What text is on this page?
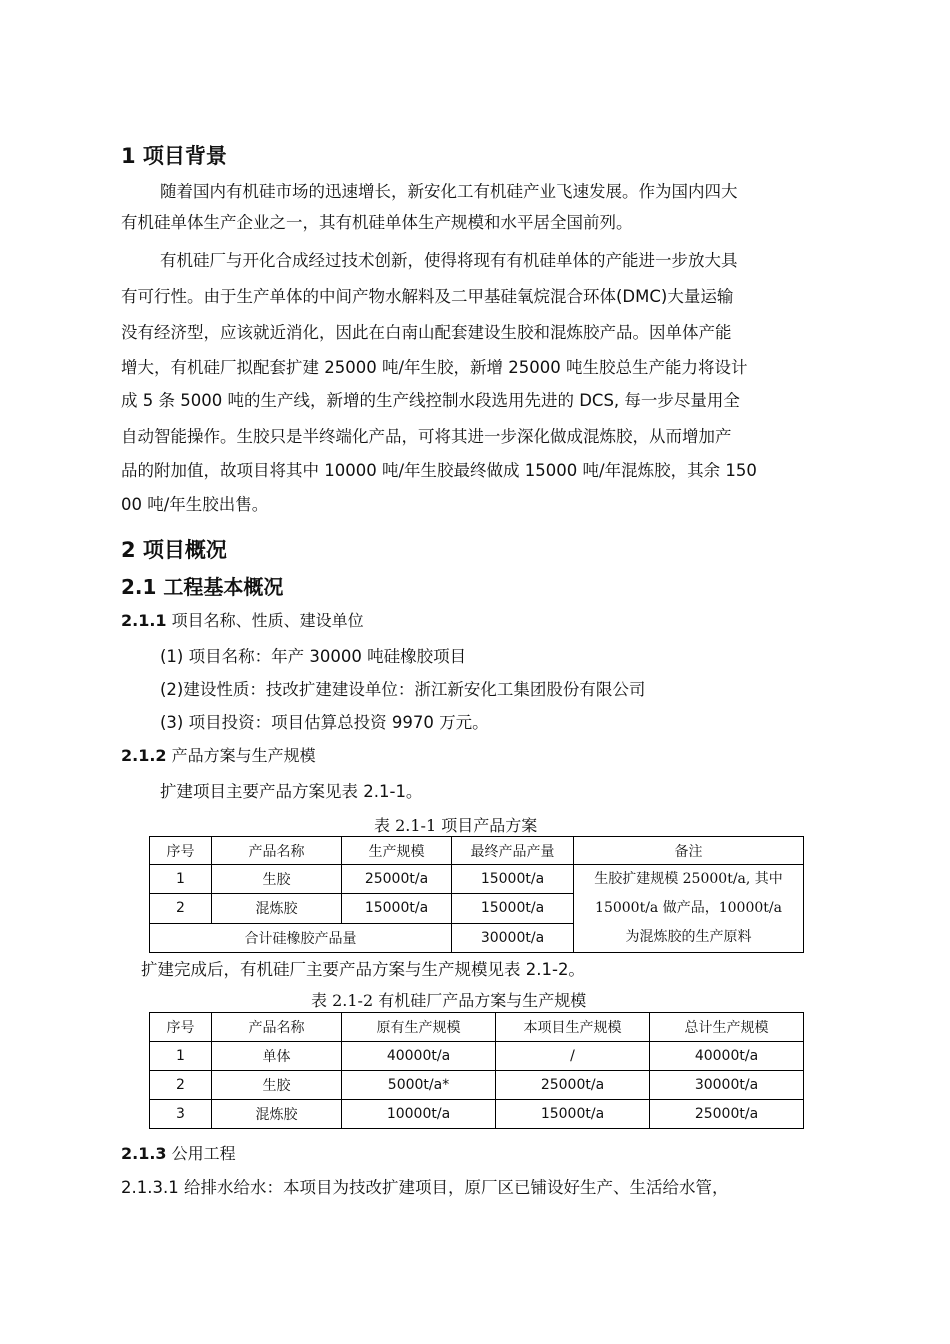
1 项目背景
随着国内有机硅市场的迅速增长，新安化工有机硅产业飞速发展。作为国内四大
有机硅单体生产企业之一，其有机硅单体生产规模和水平居全国前列。
有机硅厂与开化合成经过技术创新，使得将现有有机硅单体的产能进一步放大具
有可行性。由于生产单体的中间产物水解料及二甲基硅氧烷混合环体(DMC)大量运输
没有经济型，应该就近消化，因此在白南山配套建设生胶和混炼胶产品。因单体产能
增大，有机硅厂拟配套扩建 25000 吨/年生胶，新增 25000 吨生胶总生产能力将设计
成 5 条 5000 吨的生产线，新增的生产线控制水段选用先进的 DCS, 每一步尽量用全
自动智能操作。生胶只是半终端化产品，可将其进一步深化做成混炼胶，从而增加产
品的附加值，故项目将其中 10000 吨/年生胶最终做成 15000 吨/年混炼胶，其余 150
00 吨/年生胶出售。
2 项目概况
2.1 工程基本概况
2.1.1 项目名称、性质、建设单位
(1) 项目名称：年产 30000 吨硅橡胶项目
(2)建设性质：技改扩建建设单位：浙江新安化工集团股份有限公司
(3) 项目投资：项目估算总投资 9970 万元。
2.1.2 产品方案与生产规模
扩建项目主要产品方案见表 2.1-1。
表 2.1-1 项目产品方案
序号	产品名称	生产规模	最终产品产量	备注
1	生胶	25000t/a	15000t/a	生胶扩建规模 25000t/a, 其中
15000t/a 做产品，10000t/a
为混炼胶的生产原料

2	混炼胶	15000t/a	15000t/a	
合计硅橡胶产品量			30000t/a	
扩建完成后，有机硅厂主要产品方案与生产规模见表 2.1-2。
表 2.1-2 有机硅厂产品方案与生产规模
序号	产品名称	原有生产规模	本项目生产规模	总计生产规模
1	单体	40000t/a	/	40000t/a
2	生胶	5000t/a*	25000t/a	30000t/a
3	混炼胶	10000t/a	15000t/a	25000t/a
2.1.3 公用工程
2.1.3.1 给排水给水：本项目为技改扩建项目，原厂区已铺设好生产、生活给水管，
